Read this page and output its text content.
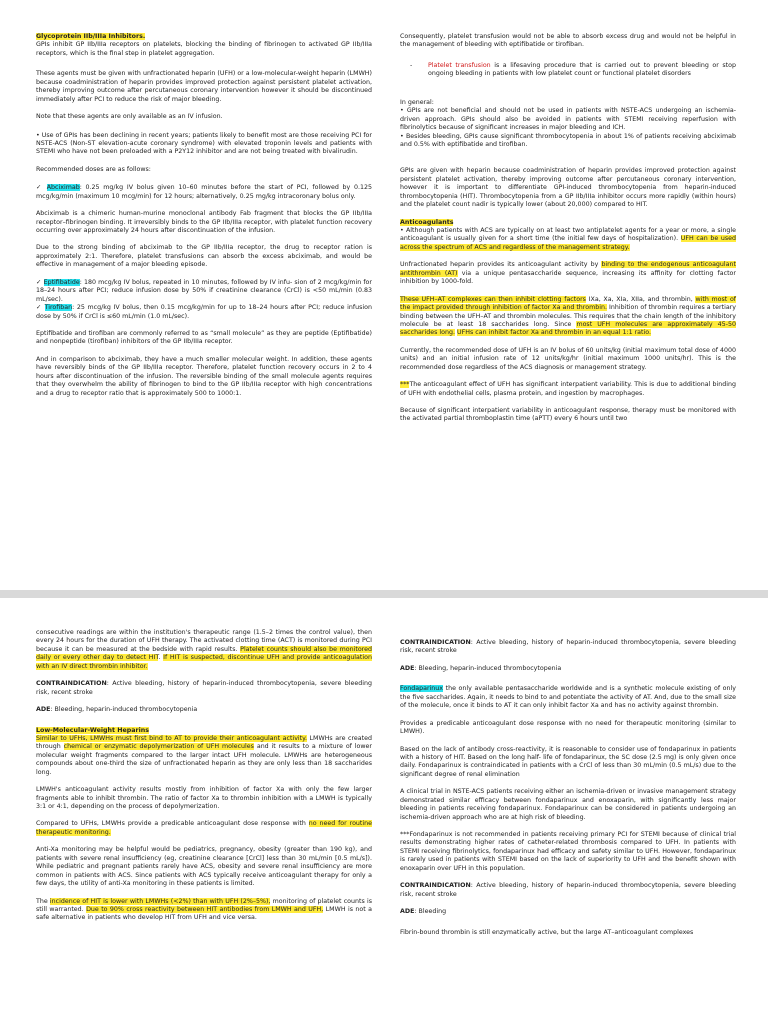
Glycoprotein IIb/IIIa Inhibitors.

GPIs inhibit GP IIb/IIIa receptors on platelets, blocking the binding of fibrinogen to activated GP IIb/IIIa receptors, which is the final step in platelet aggregation.

These agents must be given with unfractionated heparin (UFH) or a low-molecular-weight heparin (LMWH) because coadministration of heparin provides improved protection against persistent platelet activation, thereby improving outcome after percutaneous coronary intervention however it should be discontinued immediately after PCI to reduce the risk of major bleeding.

Note that these agents are only available as an IV infusion.

• Use of GPIs has been declining in recent years; patients likely to benefit most are those receiving PCI for NSTE-ACS (Non-ST elevation-acute coronary syndrome) with elevated troponin levels and patients with STEMI who have not been preloaded with a P2Y12 inhibitor and are not being treated with bivalirudin.

Recommended doses are as follows:

✓ Abciximab: 0.25 mg/kg IV bolus given 10–60 minutes before the start of PCI, followed by 0.125 mcg/kg/min (maximum 10 mcg/min) for 12 hours; alternatively, 0.25 mg/kg intracoronary bolus only.

Abciximab is a chimeric human-murine monoclonal antibody Fab fragment that blocks the GP IIb/IIIa receptor–fibrinogen binding. It irreversibly binds to the GP IIb/IIIa receptor, with platelet function recovery occurring over approximately 24 hours after discontinuation of the infusion.

Due to the strong binding of abciximab to the GP IIb/IIIa receptor, the drug to receptor ration is approximately 2:1. Therefore, platelet transfusions can absorb the excess abciximab, and would be effective in management of a major bleeding episode.

✓ Eptifibatide: 180 mcg/kg IV bolus, repeated in 10 minutes, followed by IV infu- sion of 2 mcg/kg/min for 18–24 hours after PCI; reduce infusion dose by 50% if creatinine clearance (CrCl) is <50 mL/min (0.83 mL/sec).

✓ Tirofiban: 25 mcg/kg IV bolus, then 0.15 mcg/kg/min for up to 18–24 hours after PCI; reduce infusion dose by 50% if CrCl is ≤60 mL/min (1.0 mL/sec).

Eptifibatide and tirofiban are commonly referred to as “small molecule” as they are peptide (Eptifibatide) and nonpeptide (tirofiban) inhibitors of the GP IIb/IIIa receptor.

And in comparison to abciximab, they have a much smaller molecular weight. In addition, these agents have reversibly binds of the GP IIb/IIIa receptor. Therefore, platelet function recovery occurs in 2 to 4 hours after discontinuation of the infusion. The reversible binding of the small molecule agents requires that they overwhelm the ability of fibrinogen to bind to the GP IIb/IIIa receptor with high concentrations and a drug to receptor ratio that is approximately 500 to 1000:1.

Consequently, platelet transfusion would not be able to absorb excess drug and would not be helpful in the management of bleeding with eptifibatide or tirofiban.

- Platelet transfusion is a lifesaving procedure that is carried out to prevent bleeding or stop ongoing bleeding in patients with low platelet count or functional platelet disorders

In general:

• GPIs are not beneficial and should not be used in patients with NSTE-ACS undergoing an ischemia-driven approach. GPIs should also be avoided in patients with STEMI receiving reperfusion with fibrinolytics because of significant increases in major bleeding and ICH.

• Besides bleeding, GPIs cause significant thrombocytopenia in about 1% of patients receiving abciximab and 0.5% with eptifibatide and tirofiban.

GPIs are given with heparin because coadministration of heparin provides improved protection against persistent platelet activation, thereby improving outcome after percutaneous coronary intervention, however it is important to differentiate GPI-induced thrombocytopenia from heparin-induced thrombocytopenia (HIT). Thrombocytopenia from a GP IIb/IIIa inhibitor occurs more rapidly (within hours) and the platelet count nadir is typically lower (about 20,000) compared to HIT.

Anticoagulants

• Although patients with ACS are typically on at least two antiplatelet agents for a year or more, a single anticoagulant is usually given for a short time (the initial few days of hospitalization). UFH can be used across the spectrum of ACS and regardless of the management strategy.

Unfractionated heparin provides its anticoagulant activity by binding to the endogenous anticoagulant antithrombin (AT) via a unique pentasaccharide sequence, increasing its affinity for clotting factor inhibition by 1000-fold.

These UFH–AT complexes can then inhibit clotting factors IXa, Xa, XIa, XIIa, and thrombin, with most of the impact provided through inhibition of factor Xa and thrombin. Inhibition of thrombin requires a tertiary binding between the UFH–AT and thrombin molecules. This requires that the chain length of the inhibitory molecule be at least 18 saccharides long. Since most UFH molecules are approximately 45-50 saccharides long. UFHs can inhibit factor Xa and thrombin in an equal 1:1 ratio.

Currently, the recommended dose of UFH is an IV bolus of 60 units/kg (initial maximum total dose of 4000 units) and an initial infusion rate of 12 units/kg/hr (initial maximum 1000 units/hr). This is the recommended dose regardless of the ACS diagnosis or management strategy.

***The anticoagulant effect of UFH has significant interpatient variability. This is due to additional binding of UFH with endothelial cells, plasma protein, and ingestion by macrophages.

Because of significant interpatient variability in anticoagulant response, therapy must be monitored with the activated partial thromboplastin time (aPTT) every 6 hours until two

consecutive readings are within the institution's therapeutic range (1.5–2 times the control value), then every 24 hours for the duration of UFH therapy. The activated clotting time (ACT) is monitored during PCI because it can be measured at the bedside with rapid results. Platelet counts should also be monitored daily or every other day to detect HIT. If HIT is suspected, discontinue UFH and provide anticoagulation with an IV direct thrombin inhibitor.

CONTRAINDICATION: Active bleeding, history of heparin-induced thrombocytopenia, severe bleeding risk, recent stroke

ADE: Bleeding, heparin-induced thrombocytopenia

Low-Molecular-Weight Heparins

Similar to UFHs, LMWHs must first bind to AT to provide their anticoagulant activity. LMWHs are created through chemical or enzymatic depolymerization of UFH molecules and it results to a mixture of lower molecular weight fragments compared to the larger intact UFH molecule. LMWHs are heterogeneous compounds about one-third the size of unfractionated heparin as they are only less than 18 saccharides long.

LMWH's anticoagulant activity results mostly from inhibition of factor Xa with only the few larger fragments able to inhibit thrombin. The ratio of factor Xa to thrombin inhibition with a LMWH is typically 3:1 or 4:1, depending on the process of depolymerization.

Compared to UFHs, LMWHs provide a predicable anticoagulant dose response with no need for routine therapeutic monitoring.

Anti-Xa monitoring may be helpful would be pediatrics, pregnancy, obesity (greater than 190 kg), and patients with severe renal insufficiency (eg, creatinine clearance [CrCl] less than 30 mL/min [0.5 mL/s]). While pediatric and pregnant patients rarely have ACS, obesity and severe renal insufficiency are more common in patients with ACS. Since patients with ACS typically receive anticoagulant therapy for only a few days, the utility of anti-Xa monitoring in these patients is limited.

The incidence of HIT is lower with LMWHs (<2%) than with UFH (2%–5%), monitoring of platelet counts is still warranted. Due to 90% cross reactivity between HIT antibodies from LMWH and UFH, LMWH is not a safe alternative in patients who develop HIT from UFH and vice versa.

CONTRAINDICATION: Active bleeding, history of heparin-induced thrombocytopenia, severe bleeding risk, recent stroke

ADE: Bleeding, heparin-induced thrombocytopenia

Fondaparinux the only available pentasaccharide worldwide and is a synthetic molecule existing of only the five saccharides. Again, it needs to bind to and potentiate the activity of AT. And, due to the small size of the molecule, once it binds to AT it can only inhibit factor Xa and has no activity against thrombin.

Provides a predicable anticoagulant dose response with no need for therapeutic monitoring (similar to LMWH).

Based on the lack of antibody cross-reactivity, it is reasonable to consider use of fondaparinux in patients with a history of HIT. Based on the long half- life of fondaparinux, the SC dose (2.5 mg) is only given once daily. Fondaparinux is contraindicated in patients with a CrCl of less than 30 mL/min (0.5 mL/s) due to the significant degree of renal elimination

A clinical trial in NSTE-ACS patients receiving either an ischemia-driven or invasive management strategy demonstrated similar efficacy between fondaparinux and enoxaparin, with significantly less major bleeding in patients receiving fondaparinux. Fondaparinux can be considered in patients undergoing an ischemia-driven approach who are at high risk of bleeding.

***Fondaparinux is not recommended in patients receiving primary PCI for STEMI because of clinical trial results demonstrating higher rates of catheter-related thrombosis compared to UFH. In patients with STEMI receiving fibrinolytics, fondaparinux had efficacy and safety similar to UFH. However, fondaparinux is rarely used in patients with STEMI based on the lack of superiority to UFH and the benefit shown with enoxaparin over UFH in this population.

CONTRAINDICATION: Active bleeding, history of heparin-induced thrombocytopenia, severe bleeding risk, recent stroke

ADE: Bleeding

Fibrin-bound thrombin is still enzymatically active, but the large AT–anticoagulant complexes
